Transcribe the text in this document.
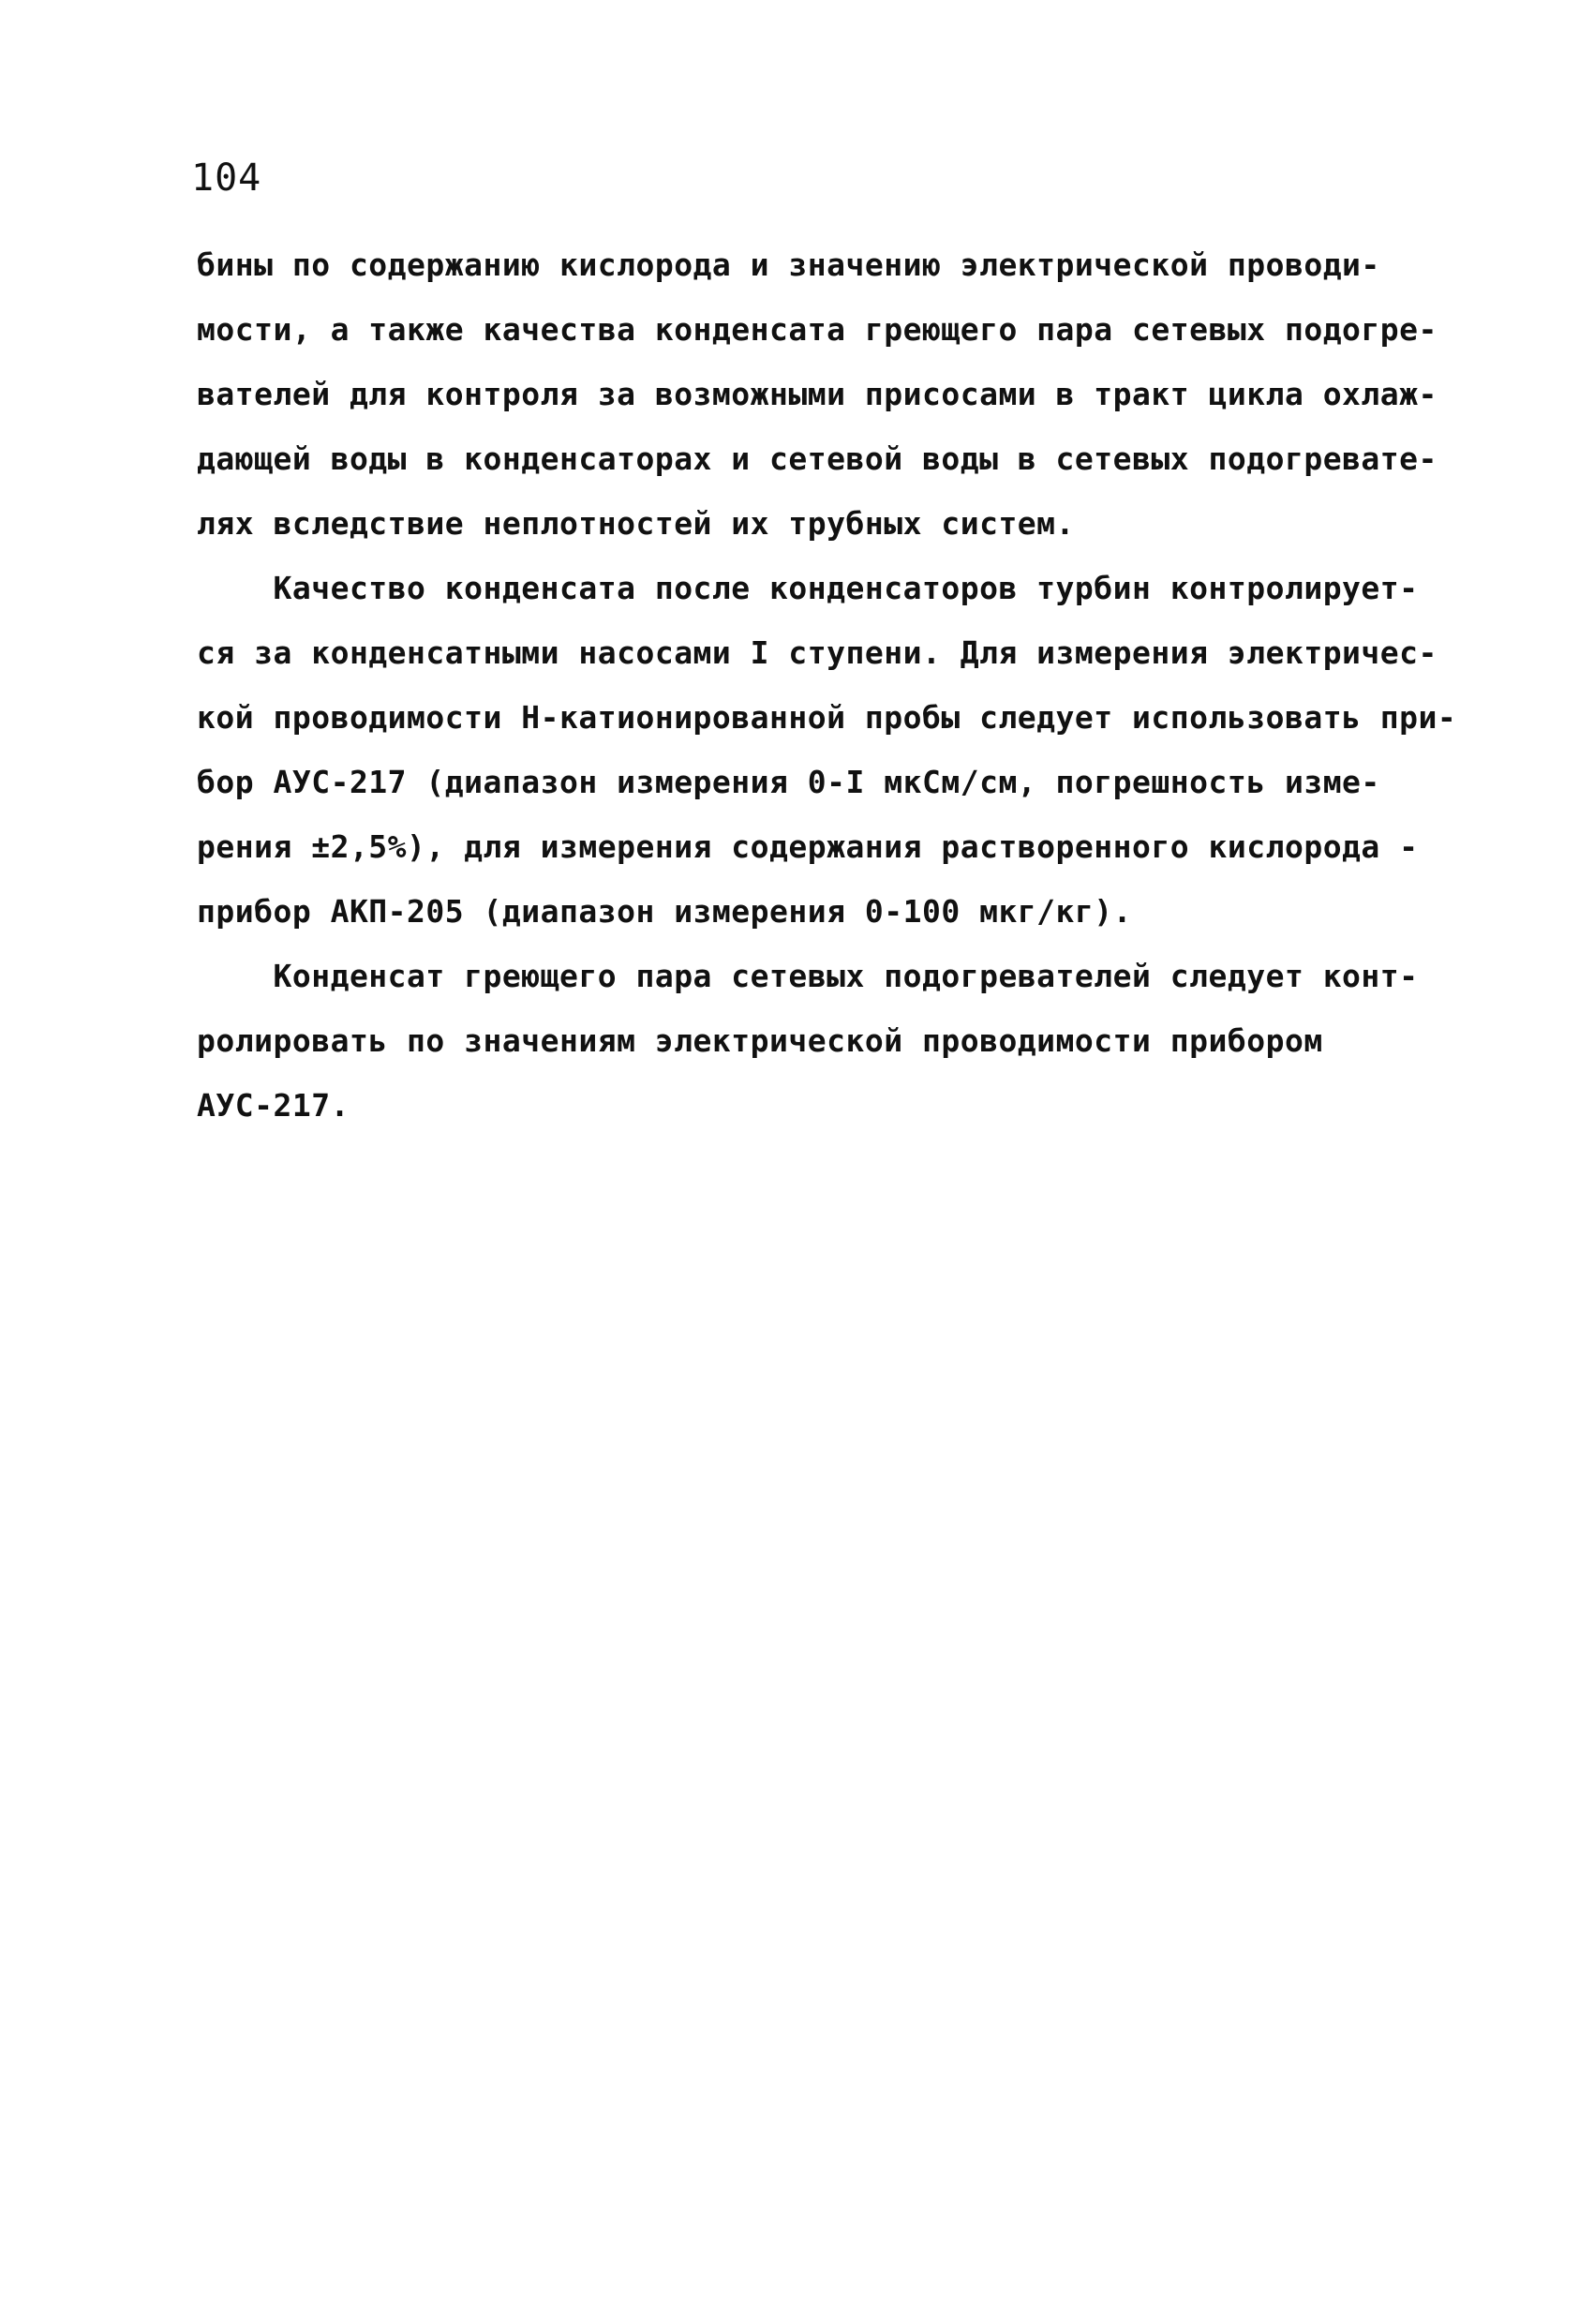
104
бины по содержанию кислорода и значению электрической проводи-
мости, а также качества конденсата греющего пара сетевых подогре-
вателей для контроля за возможными присосами в тракт цикла охлаж-
дающей воды в конденсаторах и сетевой воды в сетевых подогревате-
лях вследствие неплотностей их трубных систем.
Качество конденсата после конденсаторов турбин контролирует-
ся за конденсатными насосами I ступени. Для измерения электричес-
кой проводимости Н-катионированной пробы следует использовать при-
бор АУС-217 (диапазон измерения 0-I мкСм/см, погрешность изме-
рения ±2,5%), для измерения содержания растворенного кислорода -
прибор АКП-205 (диапазон измерения 0-100 мкг/кг).
Конденсат греющего пара сетевых подогревателей следует конт-
ролировать по значениям электрической проводимости прибором
АУС-217.
